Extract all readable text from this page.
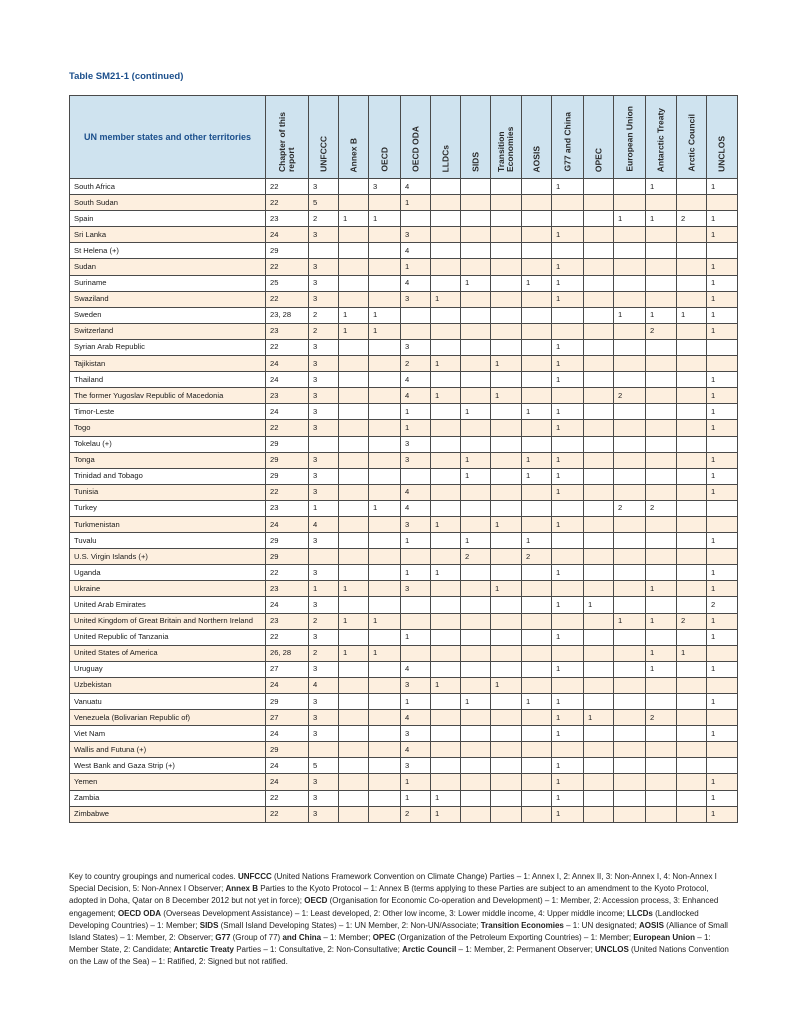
Table SM21-1 (continued)
UN member states and other territories	Chapter of this report	UNFCCC	Annex B	OECD	OECD ODA	LLDCs	SIDS	Transition Economies	AOSIS	G77 and China	OPEC	European Union	Antarctic Treaty	Arctic Council	UNCLOS

South Africa	22	3		3	4					1			1		1
South Sudan	22	5			1										
Spain	23	2	1	1								1	1	2	1
Sri Lanka	24	3			3					1					1
St Helena (+)	29				4										
Sudan	22	3			1					1					1
Suriname	25	3			4		1		1	1					1
Swaziland	22	3			3	1				1					1
Sweden	23, 28	2	1	1								1	1	1	1
Switzerland	23	2	1	1									2		1
Syrian Arab Republic	22	3			3					1					
Tajikistan	24	3			2	1		1		1					
Thailand	24	3			4					1					1
The former Yugoslav Republic of Macedonia	23	3			4	1		1				2			1
Timor-Leste	24	3			1		1		1	1					1
Togo	22	3			1					1					1
Tokelau (+)	29				3										
Tonga	29	3			3		1		1	1					1
Trinidad and Tobago	29	3					1		1	1					1
Tunisia	22	3			4					1					1
Turkey	23	1		1	4							2	2		
Turkmenistan	24	4			3	1		1		1					
Tuvalu	29	3			1		1		1						1
U.S. Virgin Islands (+)	29						2		2						
Uganda	22	3			1	1				1					1
Ukraine	23	1	1		3			1					1		1
United Arab Emirates	24	3								1	1				2
United Kingdom of Great Britain and Northern Ireland	23	2	1	1								1	1	2	1
United Republic of Tanzania	22	3			1					1					1
United States of America	26, 28	2	1	1									1	1	
Uruguay	27	3			4					1			1		1
Uzbekistan	24	4			3	1		1							
Vanuatu	29	3			1		1		1	1					1
Venezuela (Bolivarian Republic of)	27	3			4					1	1		2		
Viet Nam	24	3			3					1					1
Wallis and Futuna (+)	29				4										
West Bank and Gaza Strip (+)	24	5			3					1					
Yemen	24	3			1					1					1
Zambia	22	3			1	1				1					1
Zimbabwe	22	3			2	1				1					1
Key to country groupings and numerical codes. UNFCCC (United Nations Framework Convention on Climate Change) Parties – 1: Annex I, 2: Annex II, 3: Non-Annex I, 4: Non-Annex I Special Decision, 5: Non-Annex I Observer; Annex B Parties to the Kyoto Protocol – 1: Annex B (terms applying to these Parties are subject to an amendment to the Kyoto Protocol, adopted in Doha, Qatar on 8 December 2012 but not yet in force); OECD (Organisation for Economic Co-operation and Development) – 1: Member, 2: Accession process, 3: Enhanced engagement; OECD ODA (Overseas Development Assistance) – 1: Least developed, 2: Other low income, 3: Lower middle income, 4: Upper middle income; LLCDs (Landlocked Developing Countries) – 1: Member; SIDS (Small Island Developing States) – 1: UN Member, 2: Non-UN/Associate; Transition Economies – 1: UN designated; AOSIS (Alliance of Small Island States) – 1: Member, 2: Observer; G77 (Group of 77) and China – 1: Member; OPEC (Organization of the Petroleum Exporting Countries) – 1: Member; European Union – 1: Member State, 2: Candidate; Antarctic Treaty Parties – 1: Consultative, 2: Non-Consultative; Arctic Council – 1: Member, 2: Permanent Observer; UNCLOS (United Nations Convention on the Law of the Sea) – 1: Ratified, 2: Signed but not ratified.
